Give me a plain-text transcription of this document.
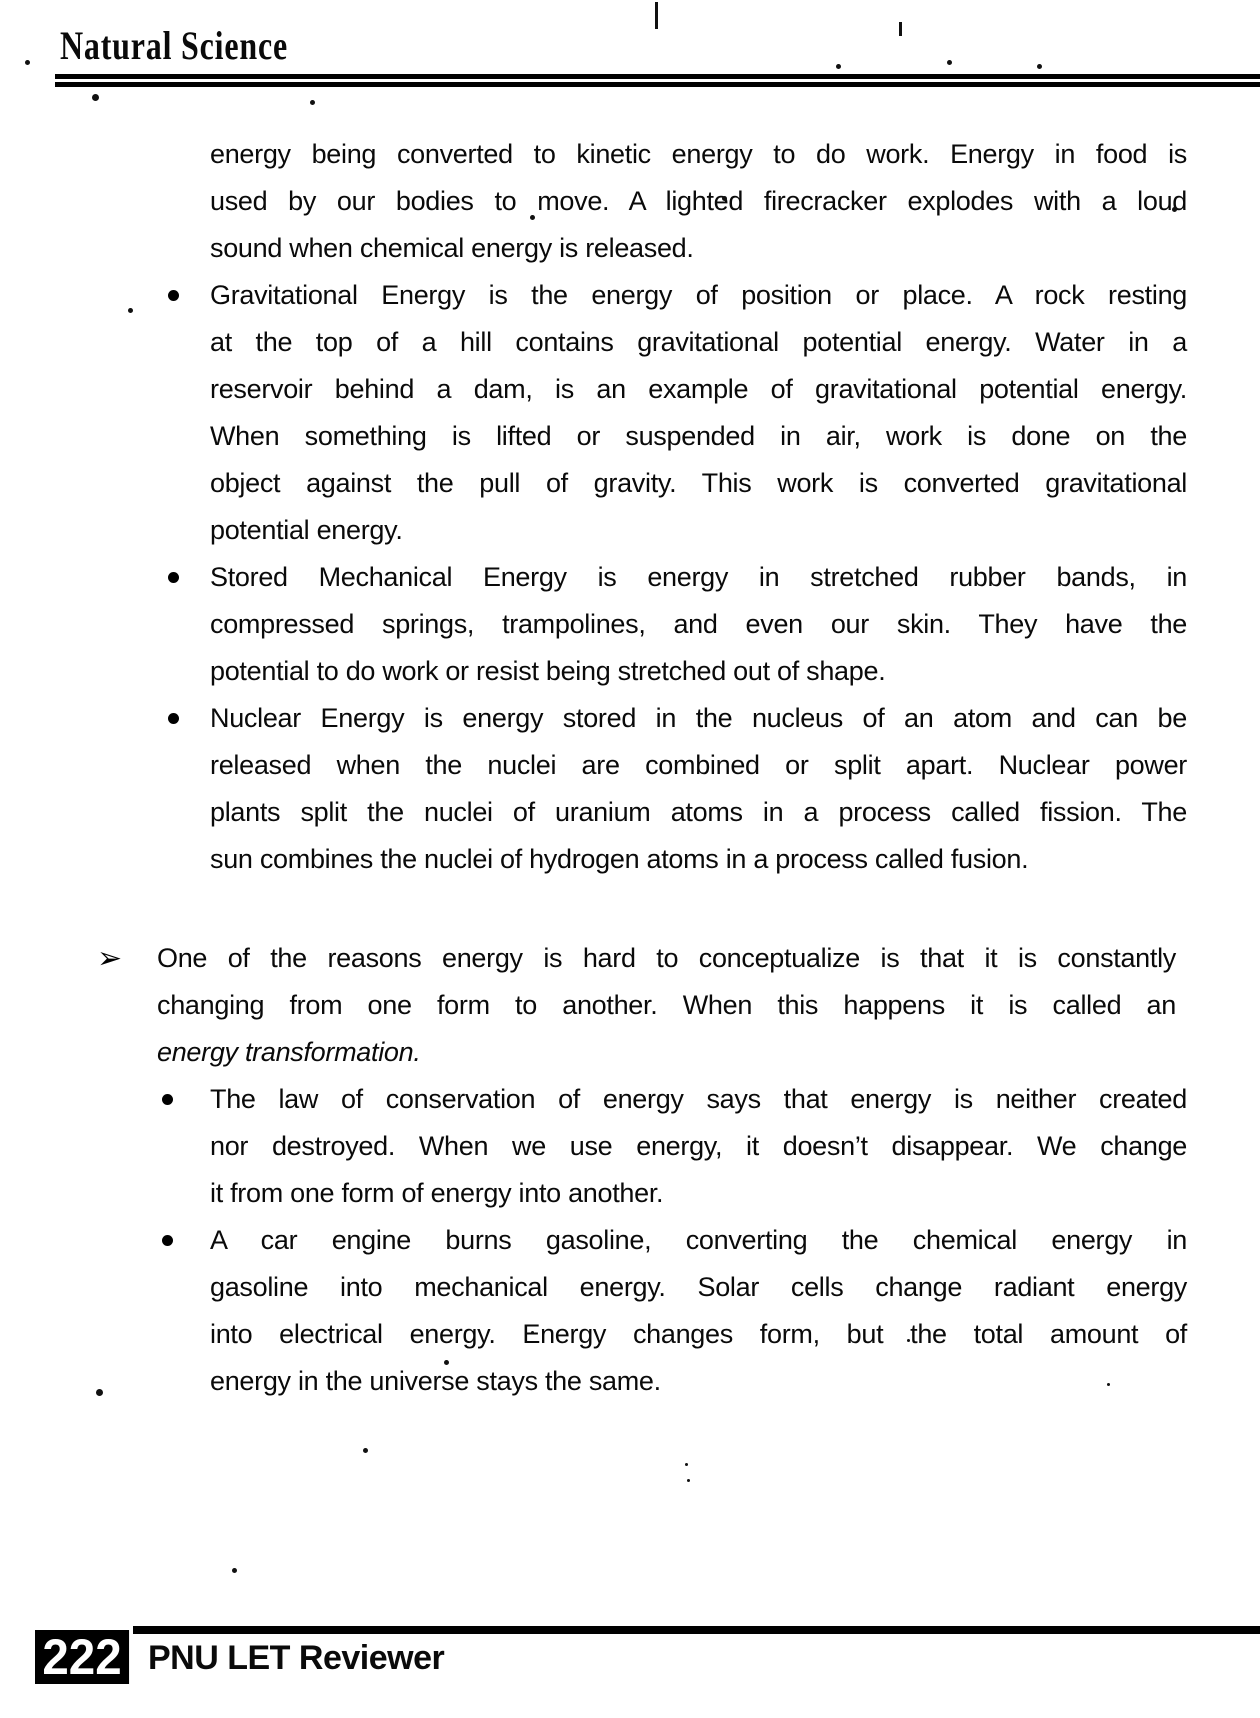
Natural Science
energy being converted to kinetic energy to do work. Energy in food is
used by our bodies to move. A lighted firecracker explodes with a loud
sound when chemical energy is released.
Gravitational Energy is the energy of position or place. A rock resting
at the top of a hill contains gravitational potential energy. Water in a
reservoir behind a dam, is an example of gravitational potential energy.
When something is lifted or suspended in air, work is done on the
object against the pull of gravity. This work is converted gravitational
potential energy.
Stored Mechanical Energy is energy in stretched rubber bands, in
compressed springs, trampolines, and even our skin. They have the
potential to do work or resist being stretched out of shape.
Nuclear Energy is energy stored in the nucleus of an atom and can be
released when the nuclei are combined or split apart. Nuclear power
plants split the nuclei of uranium atoms in a process called fission. The
sun combines the nuclei of hydrogen atoms in a process called fusion.
➢ One of the reasons energy is hard to conceptualize is that it is constantly
changing from one form to another. When this happens it is called an
energy transformation.
The law of conservation of energy says that energy is neither created
nor destroyed. When we use energy, it doesn’t disappear. We change
it from one form of energy into another.
A car engine burns gasoline, converting the chemical energy in
gasoline into mechanical energy. Solar cells change radiant energy
into electrical energy. Energy changes form, but the total amount of
energy in the universe stays the same.
222 PNU LET Reviewer
